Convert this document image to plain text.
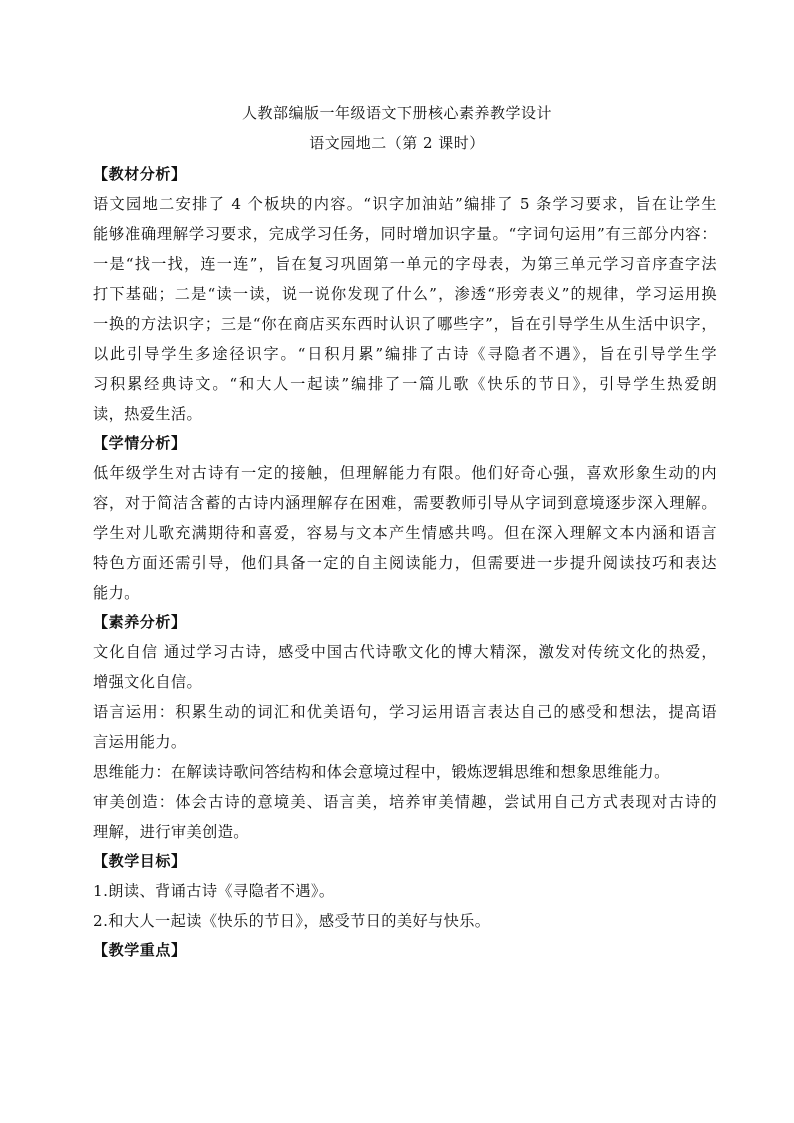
人教部编版一年级语文下册核心素养教学设计
语文园地二（第 2 课时）
【教材分析】
语文园地二安排了 4 个板块的内容。“识字加油站”编排了 5 条学习要求，旨在让学生
能够准确理解学习要求，完成学习任务，同时增加识字量。“字词句运用”有三部分内容：
一是“找一找，连一连”，旨在复习巩固第一单元的字母表，为第三单元学习音序查字法
打下基础；二是“读一读，说一说你发现了什么”，渗透“形旁表义”的规律，学习运用换
一换的方法识字；三是“你在商店买东西时认识了哪些字”，旨在引导学生从生活中识字，
以此引导学生多途径识字。“日积月累”编排了古诗《寻隐者不遇》，旨在引导学生学
习积累经典诗文。“和大人一起读”编排了一篇儿歌《快乐的节日》，引导学生热爱朗
读，热爱生活。
【学情分析】
低年级学生对古诗有一定的接触，但理解能力有限。他们好奇心强，喜欢形象生动的内
容，对于简洁含蓄的古诗内涵理解存在困难，需要教师引导从字词到意境逐步深入理解。
学生对儿歌充满期待和喜爱，容易与文本产生情感共鸣。但在深入理解文本内涵和语言
特色方面还需引导，他们具备一定的自主阅读能力，但需要进一步提升阅读技巧和表达
能力。
【素养分析】
文化自信 通过学习古诗，感受中国古代诗歌文化的博大精深，激发对传统文化的热爱，
增强文化自信。
语言运用：积累生动的词汇和优美语句，学习运用语言表达自己的感受和想法，提高语
言运用能力。
思维能力：在解读诗歌问答结构和体会意境过程中，锻炼逻辑思维和想象思维能力。
审美创造：体会古诗的意境美、语言美，培养审美情趣，尝试用自己方式表现对古诗的
理解，进行审美创造。
【教学目标】
1.朗读、背诵古诗《寻隐者不遇》。
2.和大人一起读《快乐的节日》，感受节日的美好与快乐。
【教学重点】
